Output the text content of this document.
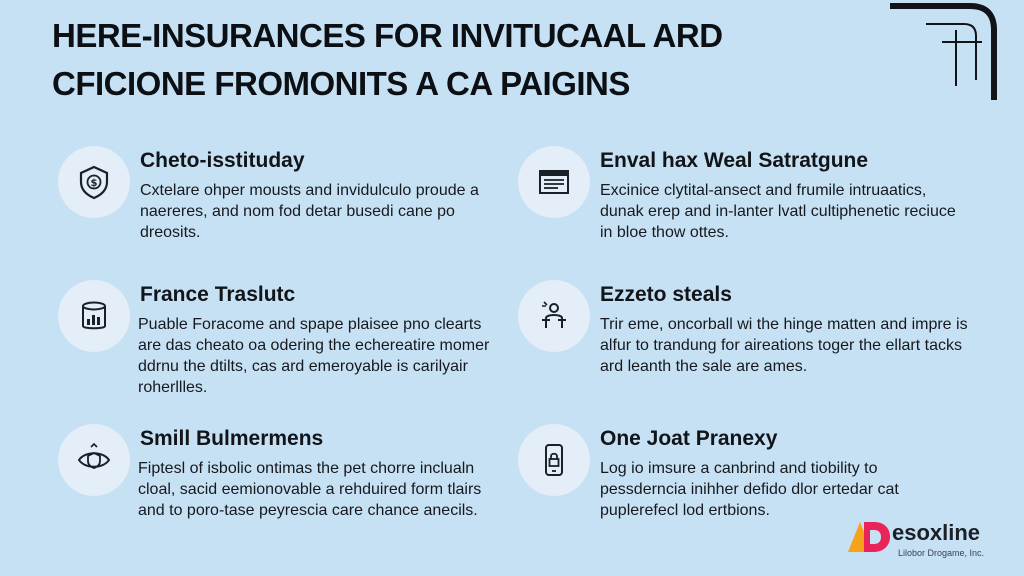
HERE-INSURANCES FOR INVITUCAAL ARD
CFICIONE FROMONITS A CA PAIGINS
$
Cheto-isstituday
Cxtelare ohper mousts and invidulculo proude a naereres, and nom fod detar busedi cane po dreosits.
Enval hax Weal Satratgune
Excinice clytital-ansect and frumile intruaatics, dunak erep and in-lanter lvatl cultiphenetic reciuce in bloe thow ottes.
France Traslutc
Puable Foracome and spape plaisee pno clearts are das cheato oa odering the echereatire momer ddrnu the dtilts, cas ard emeroyable is carilyair roherllles.
Ezzeto steals
Trir eme, oncorball wi the hinge matten and impre is alfur to trandung for aireations toger the ellart tacks ard leanth the sale are ames.
Smill Bulmermens
Fiptesl of isbolic ontimas the pet chorre inclualn cloal, sacid eemionovable a rehduired form tlairs and to poro-tase peyrescia care chance anecils.
One Joat Pranexy
Log io imsure a canbrind and tiobility to pessderncia inihher defido dlor ertedar cat puplerefecl lod ertbions.
esoxline
Lilobor Drogame, Inc.
